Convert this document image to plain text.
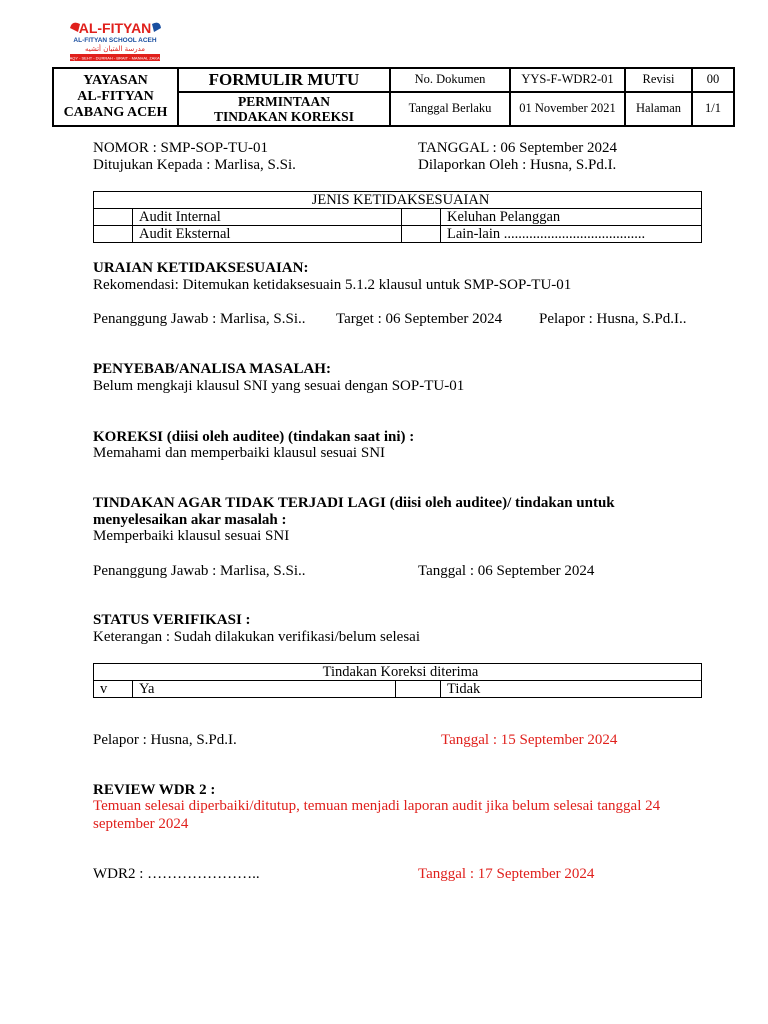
AL-FITYAN
AL-FITYAN SCHOOL ACEH
مدرسة الفتيان أتشيه
TAQY - SEHT - DURRAH - BRAIT - MANHAL ZAKAH
YAYASAN
AL-FITYAN
CABANG ACEH	FORMULIR MUTU	No. Dokumen	YYS-F-WDR2-01	Revisi	00

	PERMINTAAN
TINDAKAN KOREKSI	Tanggal Berlaku	01 November 2021	Halaman	1/1
NOMOR : SMP-SOP-TU-01	TANGGAL : 06 September 2024
Ditujukan Kepada : Marlisa, S.Si.	Dilaporkan Oleh : Husna, S.Pd.I.
JENIS KETIDAKSESUAIAN			
	Audit Internal		Keluhan Pelanggan
	Audit Eksternal		Lain-lain .......................................
URAIAN KETIDAKSESUAIAN:
Rekomendasi: Ditemukan ketidaksesuain 5.1.2 klausul untuk SMP-SOP-TU-01
Penanggung Jawab : Marlisa, S.Si.. Target : 06 September 2024 Pelapor : Husna, S.Pd.I..
PENYEBAB/ANALISA MASALAH:
Belum mengkaji klausul SNI yang sesuai dengan SOP-TU-01
KOREKSI (diisi oleh auditee) (tindakan saat ini) :
Memahami dan memperbaiki klausul sesuai SNI
TINDAKAN AGAR TIDAK TERJADI LAGI (diisi oleh auditee)/ tindakan untuk
menyelesaikan akar masalah :
Memperbaiki klausul sesuai SNI
Penanggung Jawab : Marlisa, S.Si..	Tanggal : 06 September 2024
STATUS VERIFIKASI :
Keterangan : Sudah dilakukan verifikasi/belum selesai
Tindakan Koreksi diterima
v	Ya		Tidak
Pelapor : Husna, S.Pd.I.	Tanggal : 15 September 2024
REVIEW WDR 2 :
Temuan selesai diperbaiki/ditutup, temuan menjadi laporan audit jika belum selesai tanggal 24
september 2024
WDR2 : …………………..	Tanggal : 17 September 2024
